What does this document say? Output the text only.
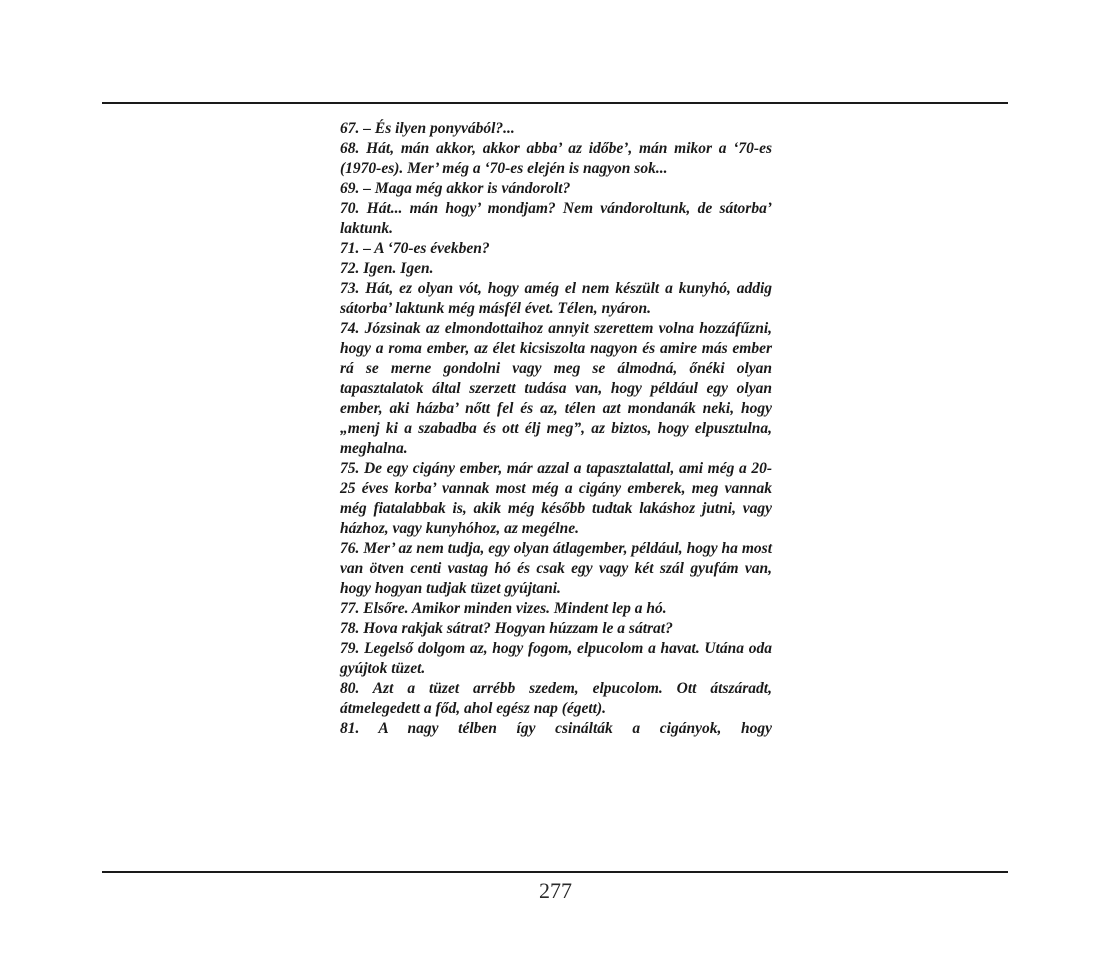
67. – És ilyen ponyvából?...

68. Hát, mán akkor, akkor abba’ az időbe’, mán mikor a ‘70-es (1970-es). Mer’ még a ‘70-es elején is nagyon sok...

69. – Maga még akkor is vándorolt?

70. Hát... mán hogy’ mondjam? Nem vándoroltunk, de sátorba’ laktunk.

71. – A ‘70-es években?

72. Igen. Igen.

73. Hát, ez olyan vót, hogy amég el nem készült a kunyhó, addig sátorba’ laktunk még másfél évet. Télen, nyáron.

74. Józsinak az elmondottaihoz annyit szerettem volna hozzáfűzni, hogy a roma ember, az élet kicsiszolta nagyon és amire más ember rá se merne gondolni vagy meg se álmodná, őnéki olyan tapasztalatok által szerzett tudása van, hogy például egy olyan ember, aki házba’ nőtt fel és az, télen azt mondanák neki, hogy „menj ki a szabadba és ott élj meg”, az biztos, hogy elpusztulna, meghalna.

75. De egy cigány ember, már azzal a tapasztalattal, ami még a 20-25 éves korba’ vannak most még a cigány emberek, meg vannak még fiatalabbak is, akik még később tudtak lakáshoz jutni, vagy házhoz, vagy kunyhóhoz, az megélne.

76. Mer’ az nem tudja, egy olyan átlagember, például, hogy ha most van ötven centi vastag hó és csak egy vagy két szál gyufám van, hogy hogyan tudjak tüzet gyújtani.

77. Elsőre. Amikor minden vizes. Mindent lep a hó.

78. Hova rakjak sátrat? Hogyan húzzam le a sátrat?

79. Legelső dolgom az, hogy fogom, elpucolom a havat. Utána oda gyújtok tüzet.

80. Azt a tüzet arrébb szedem, elpucolom. Ott átszáradt, átmelegedett a főd, ahol egész nap (égett).

81. A nagy télben így csinálták a cigányok, hogy

277
